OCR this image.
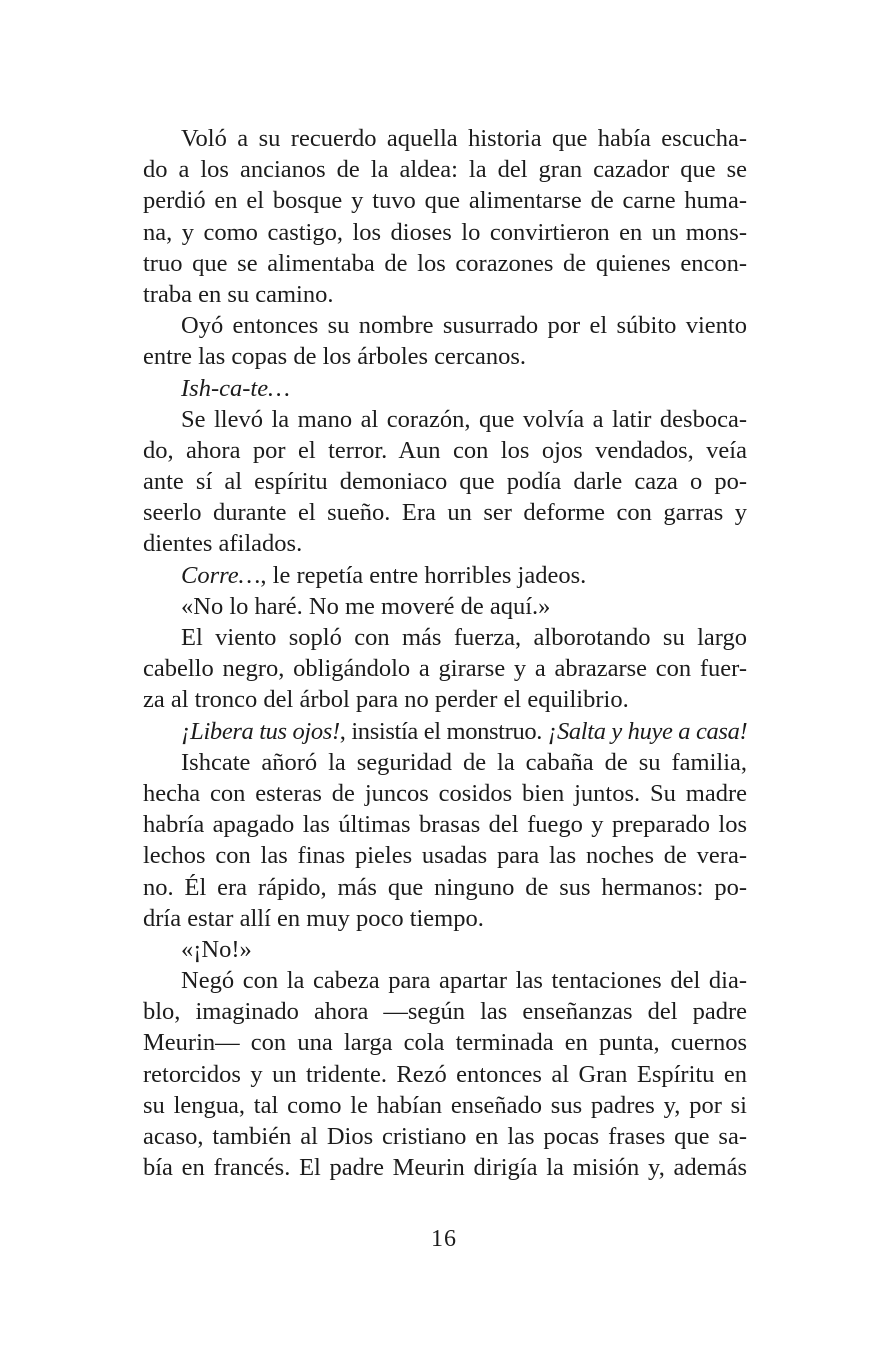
Voló a su recuerdo aquella historia que había escucha-
do a los ancianos de la aldea: la del gran cazador que se
perdió en el bosque y tuvo que alimentarse de carne huma-
na, y como castigo, los dioses lo convirtieron en un mons-
truo que se alimentaba de los corazones de quienes encon-
traba en su camino.
Oyó entonces su nombre susurrado por el súbito viento
entre las copas de los árboles cercanos.
Ish-ca-te…
Se llevó la mano al corazón, que volvía a latir desboca-
do, ahora por el terror. Aun con los ojos vendados, veía
ante sí al espíritu demoniaco que podía darle caza o po-
seerlo durante el sueño. Era un ser deforme con garras y
dientes afilados.
Corre…, le repetía entre horribles jadeos.
«No lo haré. No me moveré de aquí.»
El viento sopló con más fuerza, alborotando su largo
cabello negro, obligándolo a girarse y a abrazarse con fuer-
za al tronco del árbol para no perder el equilibrio.
¡Libera tus ojos!, insistía el monstruo. ¡Salta y huye a casa!
Ishcate añoró la seguridad de la cabaña de su familia,
hecha con esteras de juncos cosidos bien juntos. Su madre
habría apagado las últimas brasas del fuego y preparado los
lechos con las finas pieles usadas para las noches de vera-
no. Él era rápido, más que ninguno de sus hermanos: po-
dría estar allí en muy poco tiempo.
«¡No!»
Negó con la cabeza para apartar las tentaciones del dia-
blo, imaginado ahora —según las enseñanzas del padre
Meurin— con una larga cola terminada en punta, cuernos
retorcidos y un tridente. Rezó entonces al Gran Espíritu en
su lengua, tal como le habían enseñado sus padres y, por si
acaso, también al Dios cristiano en las pocas frases que sa-
bía en francés. El padre Meurin dirigía la misión y, además
16
